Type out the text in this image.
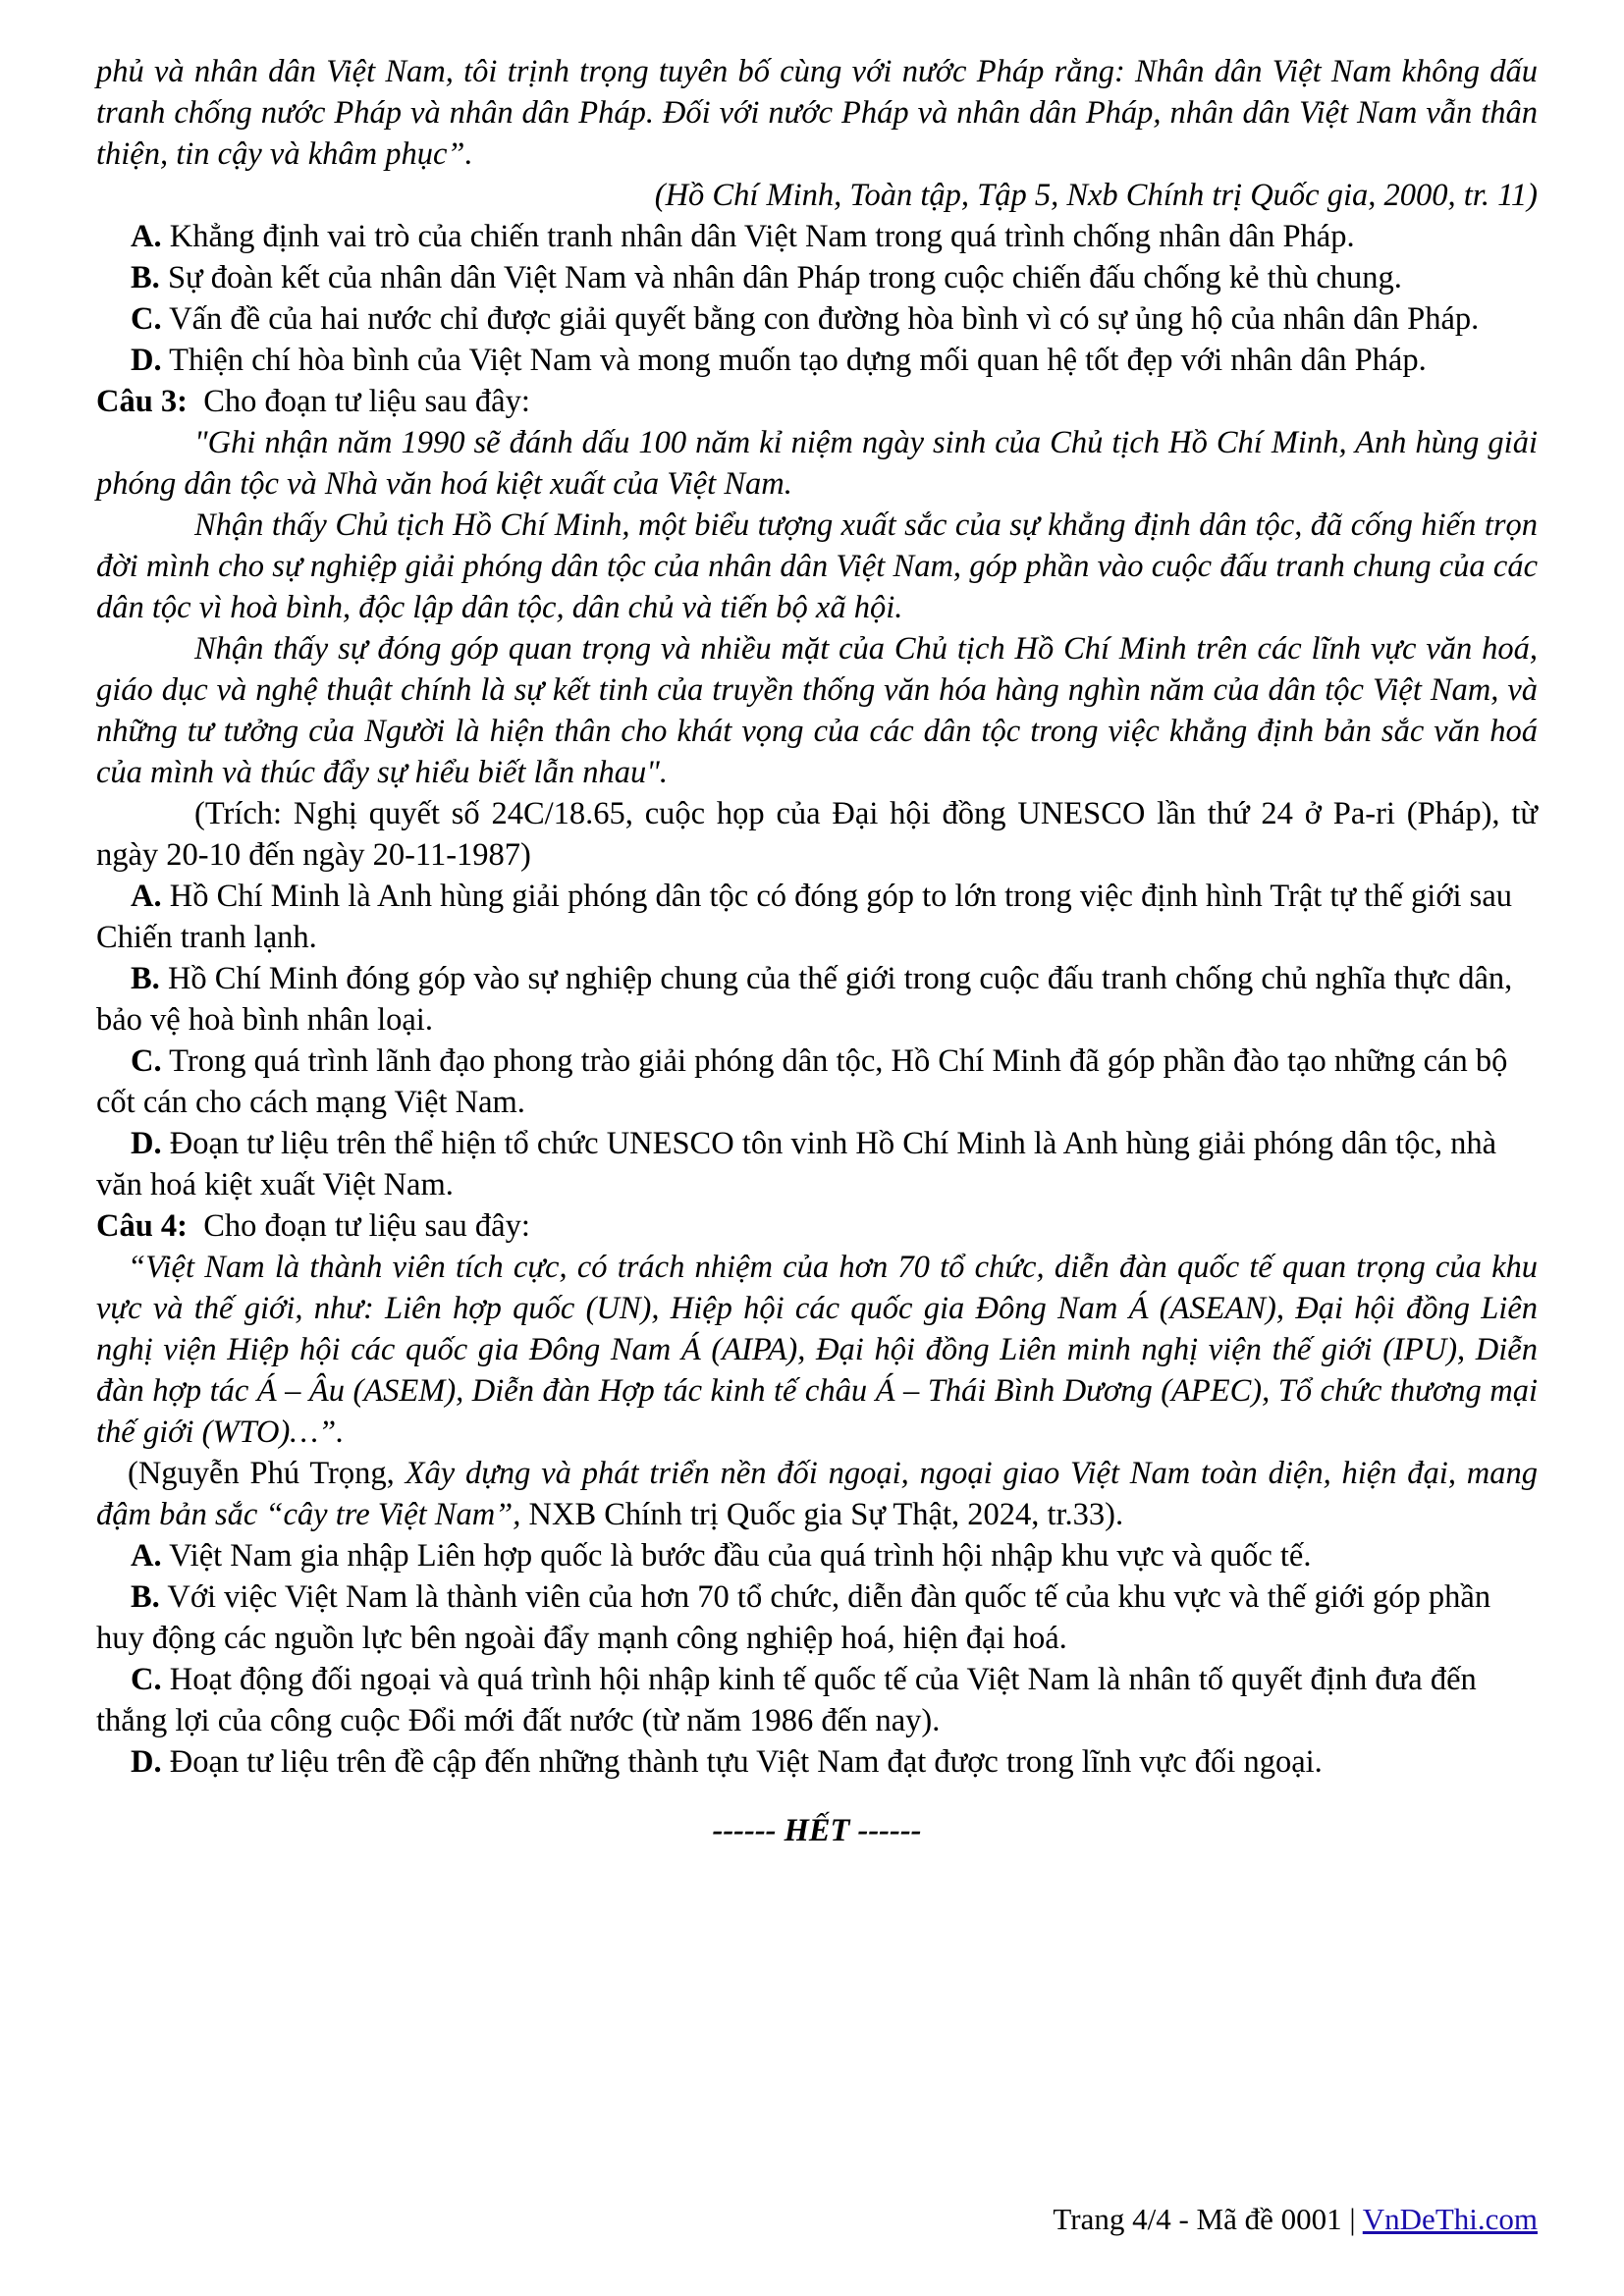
phủ và nhân dân Việt Nam, tôi trịnh trọng tuyên bố cùng với nước Pháp rằng: Nhân dân Việt Nam không dấu tranh chống nước Pháp và nhân dân Pháp. Đối với nước Pháp và nhân dân Pháp, nhân dân Việt Nam vẫn thân thiện, tin cậy và khâm phục”.

(Hồ Chí Minh, Toàn tập, Tập 5, Nxb Chính trị Quốc gia, 2000, tr. 11)

A. Khẳng định vai trò của chiến tranh nhân dân Việt Nam trong quá trình chống nhân dân Pháp.

B. Sự đoàn kết của nhân dân Việt Nam và nhân dân Pháp trong cuộc chiến đấu chống kẻ thù chung.

C. Vấn đề của hai nước chỉ được giải quyết bằng con đường hòa bình vì có sự ủng hộ của nhân dân Pháp.

D. Thiện chí hòa bình của Việt Nam và mong muốn tạo dựng mối quan hệ tốt đẹp với nhân dân Pháp.

Câu 3: Cho đoạn tư liệu sau đây:

"Ghi nhận năm 1990 sẽ đánh dấu 100 năm kỉ niệm ngày sinh của Chủ tịch Hồ Chí Minh, Anh hùng giải phóng dân tộc và Nhà văn hoá kiệt xuất của Việt Nam.

Nhận thấy Chủ tịch Hồ Chí Minh, một biểu tượng xuất sắc của sự khẳng định dân tộc, đã cống hiến trọn đời mình cho sự nghiệp giải phóng dân tộc của nhân dân Việt Nam, góp phần vào cuộc đấu tranh chung của các dân tộc vì hoà bình, độc lập dân tộc, dân chủ và tiến bộ xã hội.

Nhận thấy sự đóng góp quan trọng và nhiều mặt của Chủ tịch Hồ Chí Minh trên các lĩnh vực văn hoá, giáo dục và nghệ thuật chính là sự kết tinh của truyền thống văn hóa hàng nghìn năm của dân tộc Việt Nam, và những tư tưởng của Người là hiện thân cho khát vọng của các dân tộc trong việc khẳng định bản sắc văn hoá của mình và thúc đẩy sự hiểu biết lẫn nhau".

(Trích: Nghị quyết số 24C/18.65, cuộc họp của Đại hội đồng UNESCO lần thứ 24 ở Pa-ri (Pháp), từ ngày 20-10 đến ngày 20-11-1987)

A. Hồ Chí Minh là Anh hùng giải phóng dân tộc có đóng góp to lớn trong việc định hình Trật tự thế giới sau Chiến tranh lạnh.

B. Hồ Chí Minh đóng góp vào sự nghiệp chung của thế giới trong cuộc đấu tranh chống chủ nghĩa thực dân, bảo vệ hoà bình nhân loại.

C. Trong quá trình lãnh đạo phong trào giải phóng dân tộc, Hồ Chí Minh đã góp phần đào tạo những cán bộ cốt cán cho cách mạng Việt Nam.

D. Đoạn tư liệu trên thể hiện tổ chức UNESCO tôn vinh Hồ Chí Minh là Anh hùng giải phóng dân tộc, nhà văn hoá kiệt xuất Việt Nam.

Câu 4: Cho đoạn tư liệu sau đây:

“Việt Nam là thành viên tích cực, có trách nhiệm của hơn 70 tổ chức, diễn đàn quốc tế quan trọng của khu vực và thế giới, như: Liên hợp quốc (UN), Hiệp hội các quốc gia Đông Nam Á (ASEAN), Đại hội đồng Liên nghị viện Hiệp hội các quốc gia Đông Nam Á (AIPA), Đại hội đồng Liên minh nghị viện thế giới (IPU), Diễn đàn hợp tác Á – Âu (ASEM), Diễn đàn Hợp tác kinh tế châu Á – Thái Bình Dương (APEC), Tổ chức thương mại thế giới (WTO)…”.

(Nguyễn Phú Trọng, Xây dựng và phát triển nền đối ngoại, ngoại giao Việt Nam toàn diện, hiện đại, mang đậm bản sắc “cây tre Việt Nam”, NXB Chính trị Quốc gia Sự Thật, 2024, tr.33).

A. Việt Nam gia nhập Liên hợp quốc là bước đầu của quá trình hội nhập khu vực và quốc tế.

B. Với việc Việt Nam là thành viên của hơn 70 tổ chức, diễn đàn quốc tế của khu vực và thế giới góp phần huy động các nguồn lực bên ngoài đẩy mạnh công nghiệp hoá, hiện đại hoá.

C. Hoạt động đối ngoại và quá trình hội nhập kinh tế quốc tế của Việt Nam là nhân tố quyết định đưa đến thắng lợi của công cuộc Đổi mới đất nước (từ năm 1986 đến nay).

D. Đoạn tư liệu trên đề cập đến những thành tựu Việt Nam đạt được trong lĩnh vực đối ngoại.

------ HẾT ------

Trang 4/4 - Mã đề 0001 | VnDeThi.com
